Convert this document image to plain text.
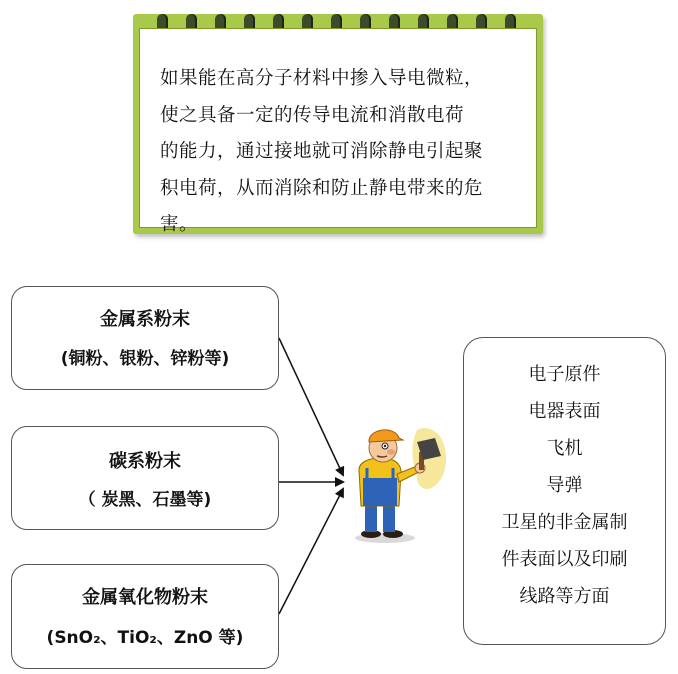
如果能在高分子材料中掺入导电微粒，
使之具备一定的传导电流和消散电荷
的能力，通过接地就可消除静电引起聚
积电荷，从而消除和防止静电带来的危
害。
金属系粉末
(铜粉、银粉、锌粉等)
碳系粉末
（ 炭黑、石墨等)
金属氧化物粉末
(SnO₂、TiO₂、ZnO 等)
电子原件
电器表面
飞机
导弹
卫星的非金属制
件表面以及印刷
线路等方面
